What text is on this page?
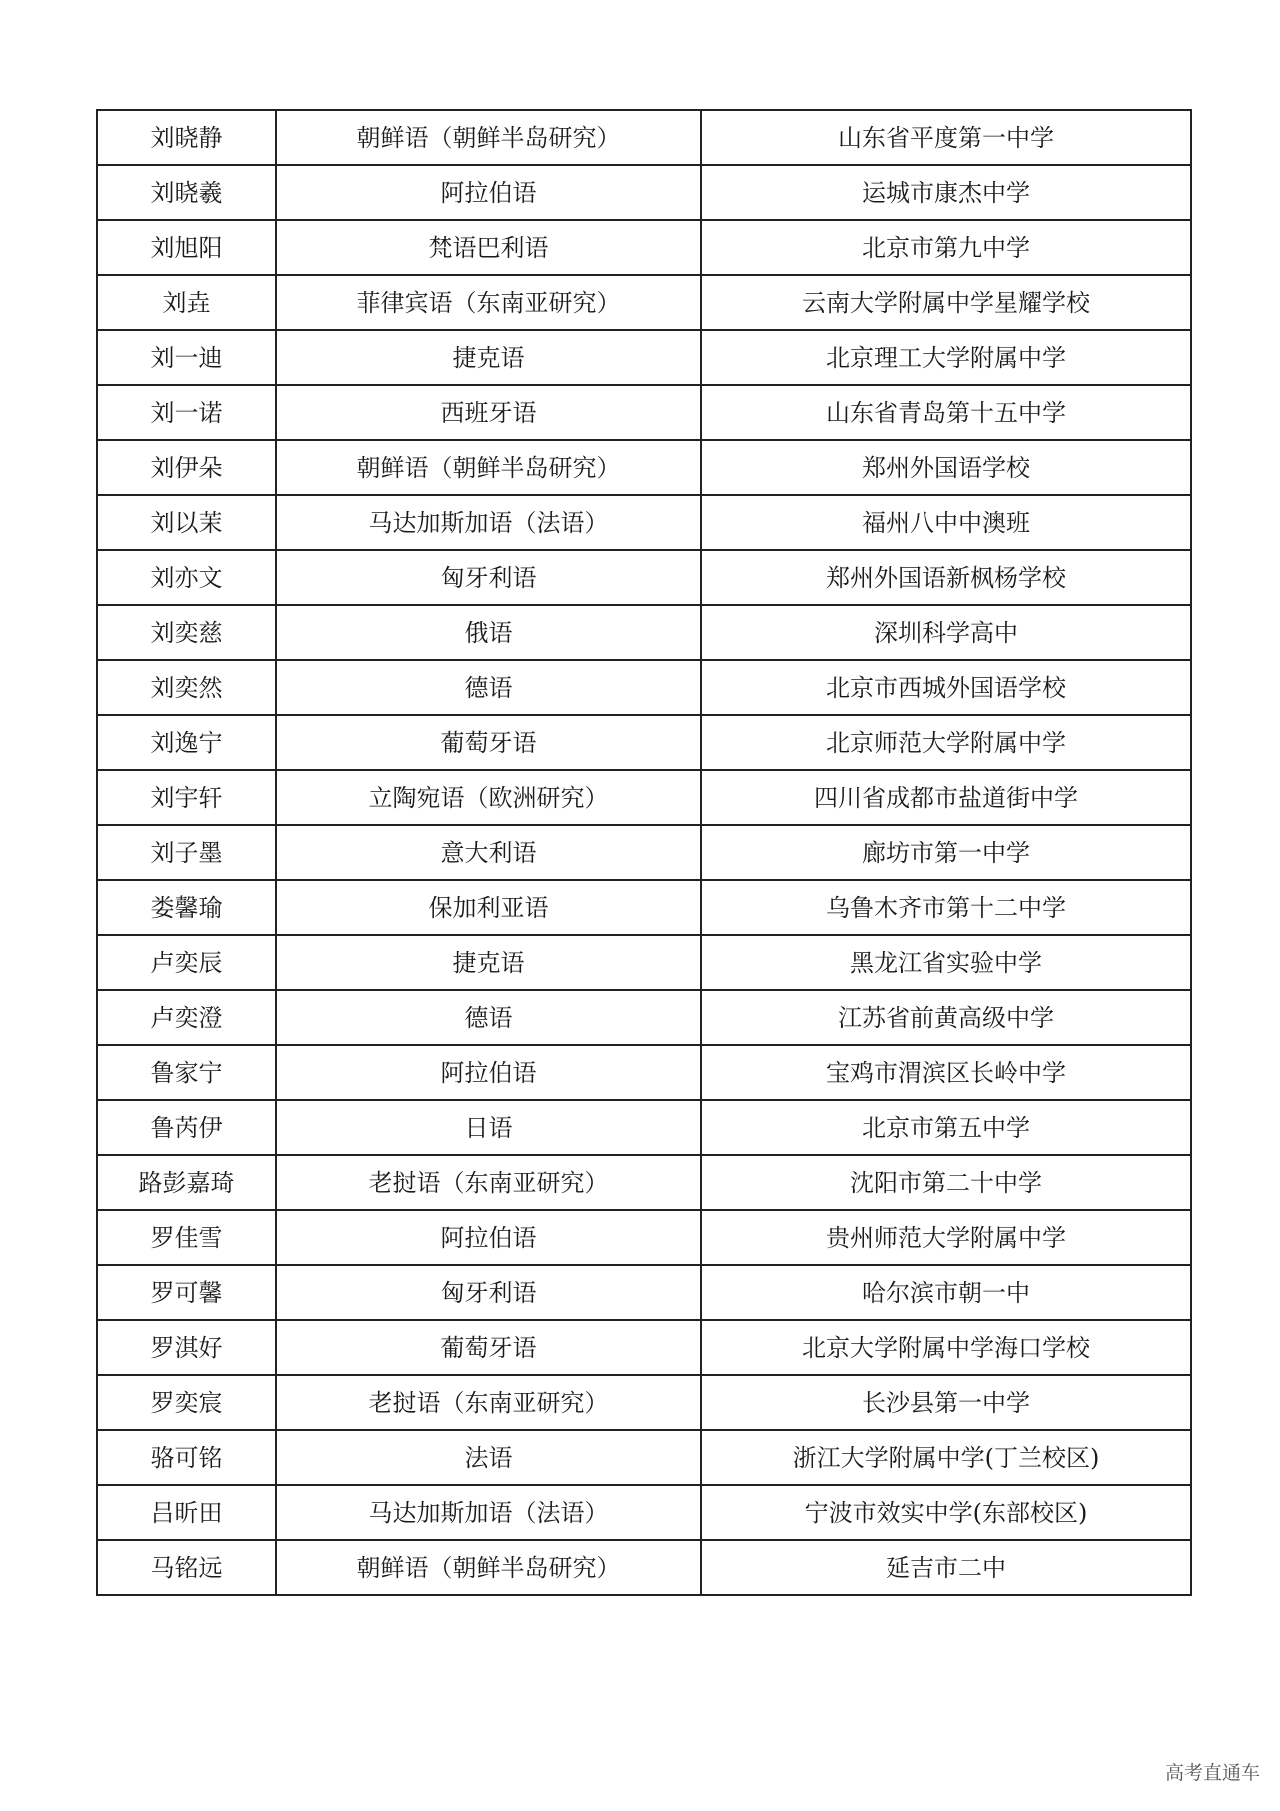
刘晓静	朝鲜语（朝鲜半岛研究）	山东省平度第一中学
刘晓羲	阿拉伯语	运城市康杰中学
刘旭阳	梵语巴利语	北京市第九中学
刘垚	菲律宾语（东南亚研究）	云南大学附属中学星耀学校
刘一迪	捷克语	北京理工大学附属中学
刘一诺	西班牙语	山东省青岛第十五中学
刘伊朵	朝鲜语（朝鲜半岛研究）	郑州外国语学校
刘以茉	马达加斯加语（法语）	福州八中中澳班
刘亦文	匈牙利语	郑州外国语新枫杨学校
刘奕慈	俄语	深圳科学高中
刘奕然	德语	北京市西城外国语学校
刘逸宁	葡萄牙语	北京师范大学附属中学
刘宇轩	立陶宛语（欧洲研究）	四川省成都市盐道街中学
刘子墨	意大利语	廊坊市第一中学
娄馨瑜	保加利亚语	乌鲁木齐市第十二中学
卢奕辰	捷克语	黑龙江省实验中学
卢奕澄	德语	江苏省前黄高级中学
鲁家宁	阿拉伯语	宝鸡市渭滨区长岭中学
鲁芮伊	日语	北京市第五中学
路彭嘉琦	老挝语（东南亚研究）	沈阳市第二十中学
罗佳雪	阿拉伯语	贵州师范大学附属中学
罗可馨	匈牙利语	哈尔滨市朝一中
罗淇好	葡萄牙语	北京大学附属中学海口学校
罗奕宸	老挝语（东南亚研究）	长沙县第一中学
骆可铭	法语	浙江大学附属中学(丁兰校区)
吕昕田	马达加斯加语（法语）	宁波市效实中学(东部校区)
马铭远	朝鲜语（朝鲜半岛研究）	延吉市二中
高考直通车
